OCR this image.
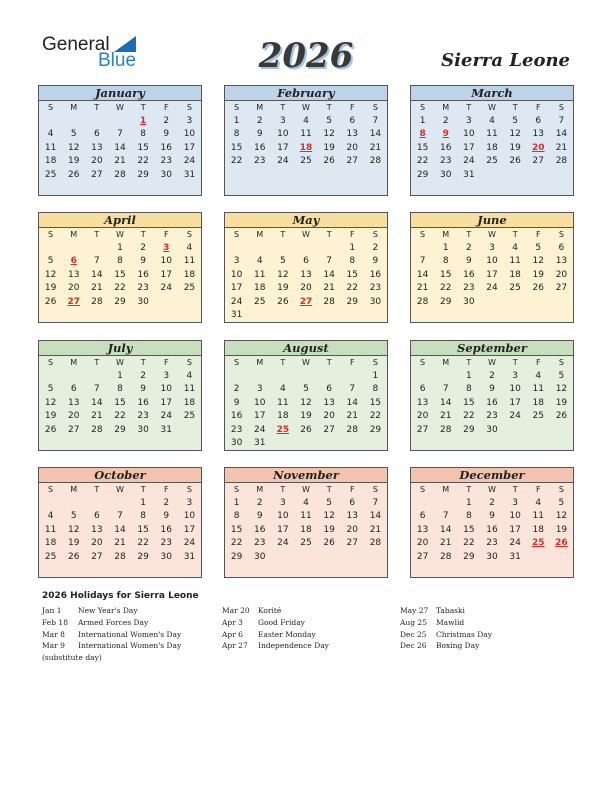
General
Blue	2026	Sierra Leone
January
S	M	T	W	T	F	S
				1	2	3
4	5	6	7	8	9	10
11	12	13	14	15	16	17
18	19	20	21	22	23	24
25	26	27	28	29	30	31
February
S	M	T	W	T	F	S
1	2	3	4	5	6	7
8	9	10	11	12	13	14
15	16	17	18	19	20	21
22	23	24	25	26	27	28
March
S	M	T	W	T	F	S
1	2	3	4	5	6	7
8	9	10	11	12	13	14
15	16	17	18	19	20	21
22	23	24	25	26	27	28
29	30	31				
April
S	M	T	W	T	F	S
			1	2	3	4
5	6	7	8	9	10	11
12	13	14	15	16	17	18
19	20	21	22	23	24	25
26	27	28	29	30		
May
S	M	T	W	T	F	S
					1	2
3	4	5	6	7	8	9
10	11	12	13	14	15	16
17	18	19	20	21	22	23
24	25	26	27	28	29	30
31						
June
S	M	T	W	T	F	S
	1	2	3	4	5	6
7	8	9	10	11	12	13
14	15	16	17	18	19	20
21	22	23	24	25	26	27
28	29	30				
July
S	M	T	W	T	F	S
			1	2	3	4
5	6	7	8	9	10	11
12	13	14	15	16	17	18
19	20	21	22	23	24	25
26	27	28	29	30	31	
August
S	M	T	W	T	F	S
						1
2	3	4	5	6	7	8
9	10	11	12	13	14	15
16	17	18	19	20	21	22
23	24	25	26	27	28	29
30	31					
September
S	M	T	W	T	F	S
		1	2	3	4	5
6	7	8	9	10	11	12
13	14	15	16	17	18	19
20	21	22	23	24	25	26
27	28	29	30			
October
S	M	T	W	T	F	S
				1	2	3
4	5	6	7	8	9	10
11	12	13	14	15	16	17
18	19	20	21	22	23	24
25	26	27	28	29	30	31
November
S	M	T	W	T	F	S
1	2	3	4	5	6	7
8	9	10	11	12	13	14
15	16	17	18	19	20	21
22	23	24	25	26	27	28
29	30					
December
S	M	T	W	T	F	S
		1	2	3	4	5
6	7	8	9	10	11	12
13	14	15	16	17	18	19
20	21	22	23	24	25	26
27	28	29	30	31		
2026 Holidays for Sierra Leone
Jan 1 New Year's Day
Feb 18 Armed Forces Day
Mar 8 International Women's Day
Mar 9 International Women's Day
(substitute day)
Mar 20 Korité
Apr 3 Good Friday
Apr 6 Easter Monday
Apr 27 Independence Day
May 27 Tabaski
Aug 25 Mawlid
Dec 25 Christmas Day
Dec 26 Boxing Day
